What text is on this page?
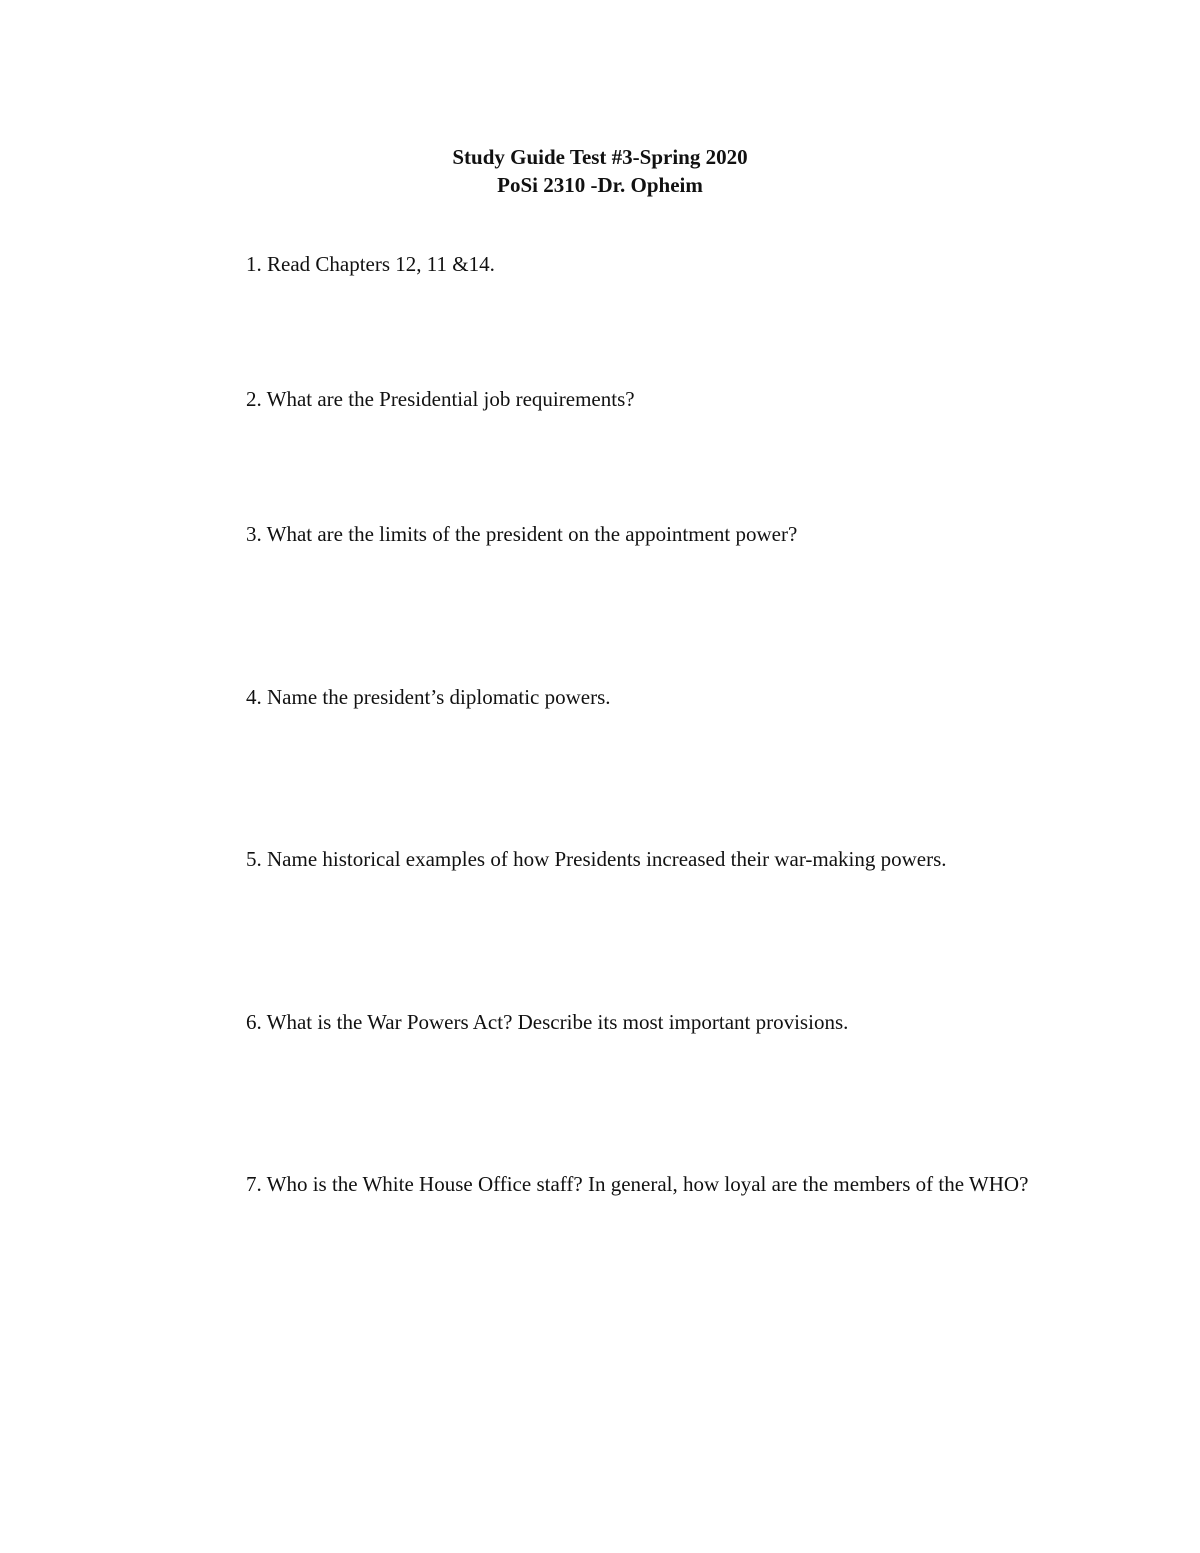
Study Guide Test #3-Spring 2020
PoSi 2310 -Dr. Opheim
1. Read Chapters 12, 11 &14.
2. What are the Presidential job requirements?
3. What are the limits of the president on the appointment power?
4. Name the president’s diplomatic powers.
5. Name historical examples of how Presidents increased their war-making powers.
6. What is the War Powers Act? Describe its most important provisions.
7. Who is the White House Office staff? In general, how loyal are the members of the WHO?
